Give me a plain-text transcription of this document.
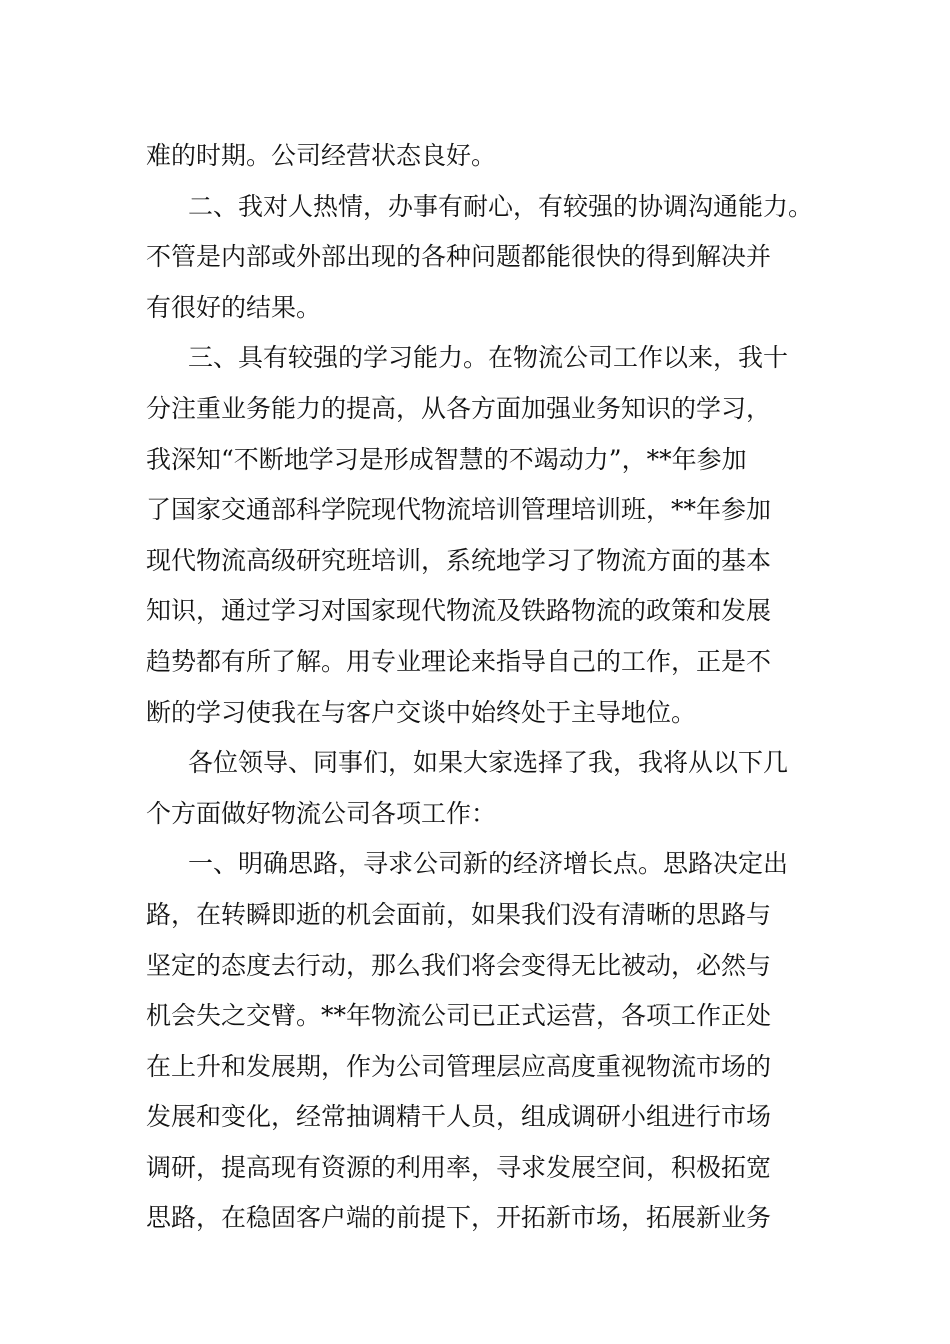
难的时期。公司经营状态良好。
二、我对人热情，办事有耐心，有较强的协调沟通能力。
不管是内部或外部出现的各种问题都能很快的得到解决并
有很好的结果。
三、具有较强的学习能力。在物流公司工作以来，我十
分注重业务能力的提高，从各方面加强业务知识的学习，
我深知“不断地学习是形成智慧的不竭动力”，**年参加
了国家交通部科学院现代物流培训管理培训班，**年参加
现代物流高级研究班培训，系统地学习了物流方面的基本
知识，通过学习对国家现代物流及铁路物流的政策和发展
趋势都有所了解。用专业理论来指导自己的工作，正是不
断的学习使我在与客户交谈中始终处于主导地位。
各位领导、同事们，如果大家选择了我，我将从以下几
个方面做好物流公司各项工作：
一、明确思路，寻求公司新的经济增长点。思路决定出
路，在转瞬即逝的机会面前，如果我们没有清晰的思路与
坚定的态度去行动，那么我们将会变得无比被动，必然与
机会失之交臂。**年物流公司已正式运营，各项工作正处
在上升和发展期，作为公司管理层应高度重视物流市场的
发展和变化，经常抽调精干人员，组成调研小组进行市场
调研，提高现有资源的利用率，寻求发展空间，积极拓宽
思路，在稳固客户端的前提下，开拓新市场，拓展新业务
